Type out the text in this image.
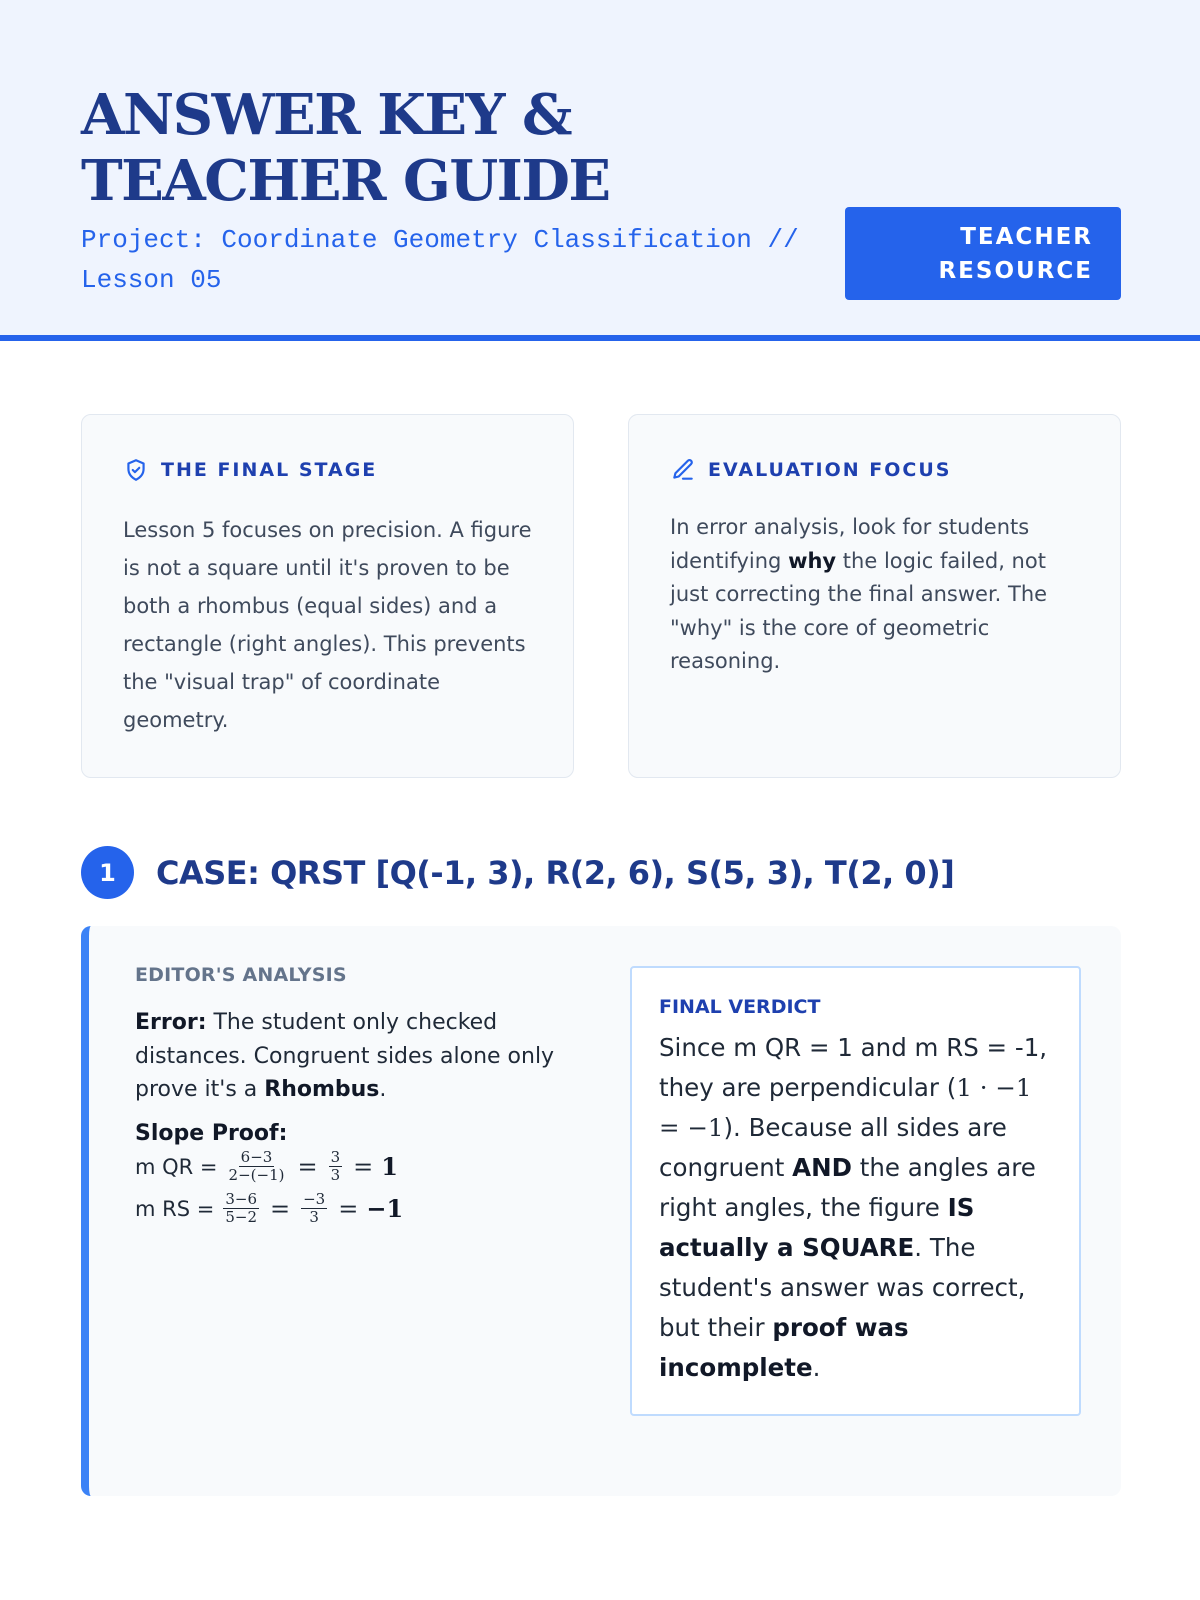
ANSWER KEY & TEACHER GUIDE
Project: Coordinate Geometry Classification // Lesson 05
TEACHER RESOURCE
THE FINAL STAGE

Lesson 5 focuses on precision. A figure is not a square until it's proven to be both a rhombus (equal sides) and a rectangle (right angles). This prevents the "visual trap" of coordinate geometry.

EVALUATION FOCUS

In error analysis, look for students identifying why the logic failed, not just correcting the final answer. The "why" is the core of geometric reasoning.

1	CASE: QRST [Q(-1, 3), R(2, 6), S(5, 3), T(2, 0)]
EDITOR'S ANALYSIS

Error: The student only checked distances. Congruent sides alone only prove it's a Rhombus.

Slope Proof:
m QR = $\frac{6-3}{2-(-1)} = \frac{3}{3} = 1$
m RS = $\frac{3-6}{5-2} = \frac{-3}{3} = -1$
FINAL VERDICT

Since m QR = 1 and m RS = -1, they are perpendicular (1 · −1 = −1). Because all sides are congruent AND the angles are right angles, the figure IS actually a SQUARE. The student's answer was correct, but their proof was incomplete.
